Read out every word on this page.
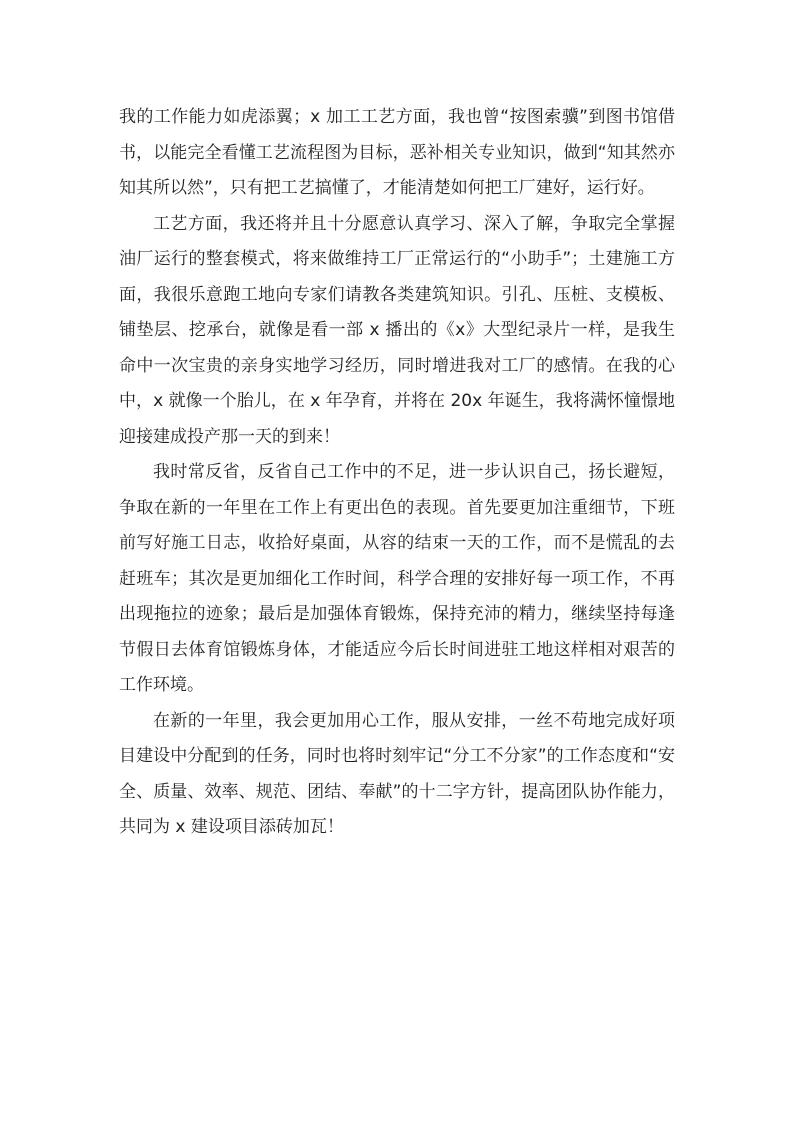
我的工作能力如虎添翼；x 加工工艺方面，我也曾“按图索骥”到图书馆借书，以能完全看懂工艺流程图为目标，恶补相关专业知识，做到“知其然亦知其所以然”，只有把工艺搞懂了，才能清楚如何把工厂建好，运行好。

工艺方面，我还将并且十分愿意认真学习、深入了解，争取完全掌握油厂运行的整套模式，将来做维持工厂正常运行的“小助手”；土建施工方面，我很乐意跑工地向专家们请教各类建筑知识。引孔、压桩、支模板、铺垫层、挖承台，就像是看一部 x 播出的《x》大型纪录片一样，是我生命中一次宝贵的亲身实地学习经历，同时增进我对工厂的感情。在我的心中，x 就像一个胎儿，在 x 年孕育，并将在 20x 年诞生，我将满怀憧憬地迎接建成投产那一天的到来！

我时常反省，反省自己工作中的不足，进一步认识自己，扬长避短，争取在新的一年里在工作上有更出色的表现。首先要更加注重细节，下班前写好施工日志，收拾好桌面，从容的结束一天的工作，而不是慌乱的去赶班车；其次是更加细化工作时间，科学合理的安排好每一项工作，不再出现拖拉的迹象；最后是加强体育锻炼，保持充沛的精力，继续坚持每逢节假日去体育馆锻炼身体，才能适应今后长时间进驻工地这样相对艰苦的工作环境。

在新的一年里，我会更加用心工作，服从安排，一丝不苟地完成好项目建设中分配到的任务，同时也将时刻牢记“分工不分家”的工作态度和“安全、质量、效率、规范、团结、奉献”的十二字方针，提高团队协作能力，共同为 x 建设项目添砖加瓦！
